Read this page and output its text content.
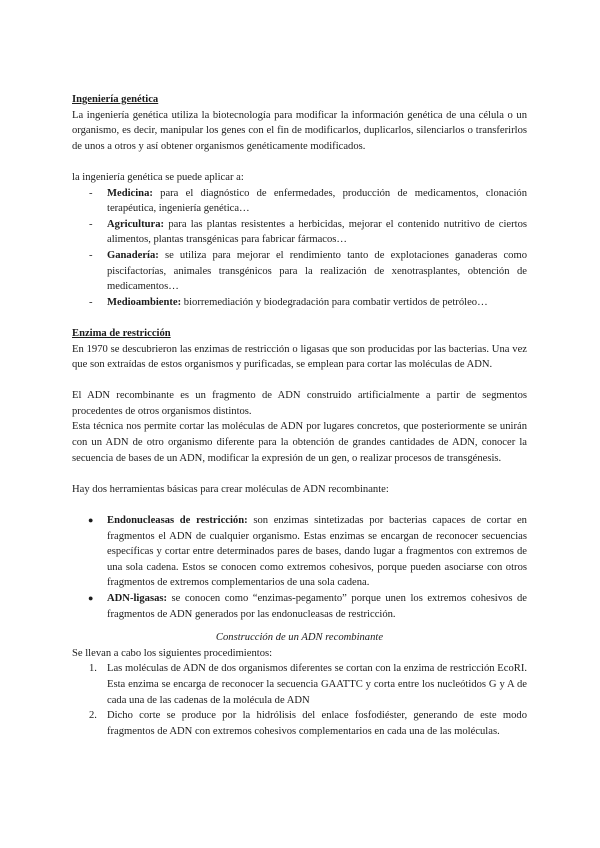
Ingeniería genética

La ingeniería genética utiliza la biotecnología para modificar la información genética de una célula o un organismo, es decir, manipular los genes con el fin de modificarlos, duplicarlos, silenciarlos o transferirlos de unos a otros y así obtener organismos genéticamente modificados.

la ingeniería genética se puede aplicar a:

- Medicina: para el diagnóstico de enfermedades, producción de medicamentos, clonación terapéutica, ingeniería genética…
- Agricultura: para las plantas resistentes a herbicidas, mejorar el contenido nutritivo de ciertos alimentos, plantas transgénicas para fabricar fármacos…
- Ganadería: se utiliza para mejorar el rendimiento tanto de explotaciones ganaderas como piscifactorías, animales transgénicos para la realización de xenotrasplantes, obtención de medicamentos…
- Medioambiente: biorremediación y biodegradación para combatir vertidos de petróleo…

Enzima de restricción

En 1970 se descubrieron las enzimas de restricción o ligasas que son producidas por las bacterias. Una vez que son extraídas de estos organismos y purificadas, se emplean para cortar las moléculas de ADN.

El ADN recombinante es un fragmento de ADN construido artificialmente a partir de segmentos procedentes de otros organismos distintos.

Esta técnica nos permite cortar las moléculas de ADN por lugares concretos, que posteriormente se unirán con un ADN de otro organismo diferente para la obtención de grandes cantidades de ADN, conocer la secuencia de bases de un ADN, modificar la expresión de un gen, o realizar procesos de transgénesis.

Hay dos herramientas básicas para crear moléculas de ADN recombinante:

● Endonucleasas de restricción: son enzimas sintetizadas por bacterias capaces de cortar en fragmentos el ADN de cualquier organismo. Estas enzimas se encargan de reconocer secuencias específicas y cortar entre determinados pares de bases, dando lugar a fragmentos con extremos de una sola cadena. Estos se conocen como extremos cohesivos, porque pueden asociarse con otros fragmentos de extremos complementarios de una sola cadena.
● ADN-ligasas: se conocen como “enzimas-pegamento” porque unen los extremos cohesivos de fragmentos de ADN generados por las endonucleasas de restricción.

Construcción de un ADN recombinante

Se llevan a cabo los siguientes procedimientos:

1. Las moléculas de ADN de dos organismos diferentes se cortan con la enzima de restricción EcoRI. Esta enzima se encarga de reconocer la secuencia GAATTC y corta entre los nucleótidos G y A de cada una de las cadenas de la molécula de ADN
2. Dicho corte se produce por la hidrólisis del enlace fosfodiéster, generando de este modo fragmentos de ADN con extremos cohesivos complementarios en cada una de las moléculas.
